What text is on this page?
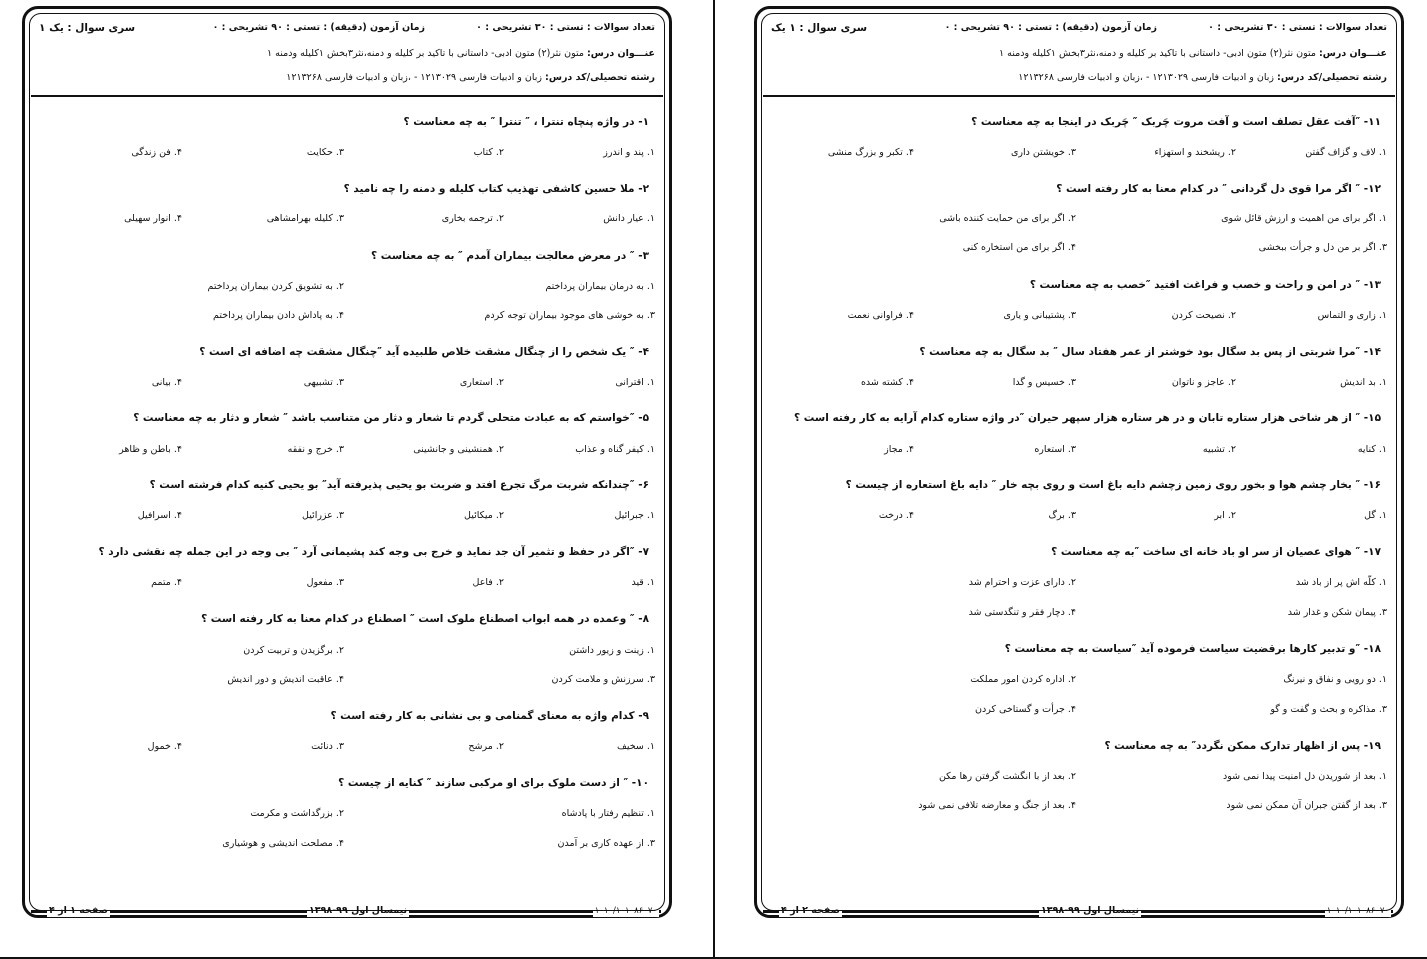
تعداد سوالات : تستی : ۳۰ تشریحی : ۰
زمان آزمون (دقیقه) : تستی : ۹۰ تشریحی : ۰
سری سوال : یک ۱
عنـــوان درس: متون نثر(۲) متون ادبی- داستانی با تاکید بر کلیله و دمنه،نثر۳بخش ۱کلیله ودمنه ۱
رشته تحصیلی/کد درس: زبان و ادبیات فارسی ۱۲۱۳۰۲۹ - ،زبان و ادبیات فارسی ۱۲۱۳۲۶۸
۱- در واژه پنچاه تنترا ، ″ تنترا ″ به چه معناست ؟
۱. پند و اندرز
۲. کتاب
۳. حکایت
۴. فن زندگی
۲- ملا حسین کاشفی تهذیب کتاب کلیله و دمنه را چه نامید ؟
۱. عیار دانش
۲. ترجمه بخاری
۳. کلیله بهرامشاهی
۴. انوار سهیلی
۳- ″ در معرض معالجت بیماران آمدم ″ به چه معناست ؟
۱. به درمان بیماران پرداختم
۲. به تشویق کردن بیماران پرداختم
۳. به خوشی های موجود بیماران توجه کردم
۴. به پاداش دادن بیماران پرداختم
۴- ″ یک شخص را از چنگال مشقت خلاص طلبیده آید ″چنگال مشقت چه اضافه ای است ؟
۱. اقترانی
۲. استعاری
۳. تشبیهی
۴. بیانی
۵- ″خواستم که به عبادت متحلی گردم تا شعار و دثار من متناسب باشد ″ شعار و دثار به چه معناست ؟
۱. کیفر گناه و عذاب
۲. همنشینی و جانشینی
۳. خرج و نفقه
۴. باطن و ظاهر
۶- ″چندانکه شربت مرگ تجرع افتد و ضربت بو یحیی پذیرفته آید″ بو یحیی کنیه کدام فرشته است ؟
۱. جبرائیل
۲. میکائیل
۳. عزرائیل
۴. اسرافیل
۷- ″اگر در حفظ و تثمیر آن جد نماید و خرج بی وجه کند پشیمانی آرد ″ بی وجه در این جمله چه نقشی دارد ؟
۱. قید
۲. فاعل
۳. مفعول
۴. متمم
۸- ″ وعمده در همه ابواب اصطناع ملوک است ″ اصطناع در کدام معنا به کار رفته است ؟
۱. زینت و زیور داشتن
۲. برگزیدن و تربیت کردن
۳. سرزنش و ملامت کردن
۴. عاقبت اندیش و دور اندیش
۹- کدام واژه به معنای گمنامی و بی نشانی به کار رفته است ؟
۱. سخیف
۲. مرشح
۳. دنائت
۴. خمول
۱۰- ″ از دست ملوک برای او مرکبی سازند ″ کنایه از چیست ؟
۱. تنظیم رفتار با پادشاه
۲. بزرگداشت و مکرمت
۳. از عهده کاری بر آمدن
۴. مصلحت اندیشی و هوشیاری
صفحه ۱ از ۴	نیمسال اول ۹۹-۱۳۹۸	۱۰۱۰/۱۰۱۰۸۶۰۷۰
تعداد سوالات : تستی : ۳۰ تشریحی : ۰
زمان آزمون (دقیقه) : تستی : ۹۰ تشریحی : ۰
سری سوال : ۱ یک
عنـــوان درس: متون نثر(۲) متون ادبی- داستانی با تاکید بر کلیله و دمنه،نثر۳بخش ۱کلیله ودمنه ۱
رشته تحصیلی/کد درس: زبان و ادبیات فارسی ۱۲۱۳۰۲۹ - ،زبان و ادبیات فارسی ۱۲۱۳۲۶۸
۱۱- ″آفت عقل تصلف است و آفت مروت چَربک ″ چَربک در اینجا به چه معناست ؟
۱. لاف و گزاف گفتن
۲. ریشخند و استهزاء
۳. خویشتن داری
۴. تکبر و بزرگ منشی
۱۲- ″ اگر مرا قوی دل گردانی ″ در کدام معنا به کار رفته است ؟
۱. اگر برای من اهمیت و ارزش قائل شوی
۲. اگر برای من حمایت کننده باشی
۳. اگر بر من دل و جرأت ببخشی
۴. اگر برای من استخاره کنی
۱۳- ″ در امن و راحت و خصب و فراغت افتید ″خصب به چه معناست ؟
۱. زاری و التماس
۲. نصیحت کردن
۳. پشتیبانی و یاری
۴. فراوانی نعمت
۱۴- ″مرا شربتی از پس بد سگال بود خوشتر از عمر هفتاد سال ″ بد سگال به چه معناست ؟
۱. بد اندیش
۲. عاجز و ناتوان
۳. خسیس و گدا
۴. کشته شده
۱۵- ″ از هر شاخی هزار ستاره تابان و در هر ستاره هزار سپهر حیران ″در واژه ستاره کدام آرایه به کار رفته است ؟
۱. کنایه
۲. تشبیه
۳. استعاره
۴. مجاز
۱۶- ″ بخار چشم هوا و بخور روی زمین زچشم دایه باغ است و روی بچه خار ″ دایه باغ استعاره از چیست ؟
۱. گل
۲. ابر
۳. برگ
۴. درخت
۱۷- ″ هوای عصیان از سر او باد خانه ای ساخت ″به چه معناست ؟
۱. کلّه اش پر از باد شد
۲. دارای عزت و احترام شد
۳. پیمان شکن و غدار شد
۴. دچار فقر و تنگدستی شد
۱۸- ″و تدبیر کارها برقضیت سیاست فرموده آید ″سیاست به چه معناست ؟
۱. دو رویی و نفاق و نیرنگ
۲. اداره کردن امور مملکت
۳. مذاکره و بحث و گفت و گو
۴. جرأت و گستاخی کردن
۱۹- پس از اظهار تدارک ممکن نگردد″ به چه معناست ؟
۱. بعد از شوریدن دل امنیت پیدا نمی شود
۲. بعد از با انگشت گرفتن رها مکن
۳. بعد از گفتن جبران آن ممکن نمی شود
۴. بعد از جنگ و معارضه تلافی نمی شود
صفحه ۲ از ۴	نیمسال اول ۹۹-۱۳۹۸	۱۰۱۰/۱۰۱۰۸۶۰۷۰
